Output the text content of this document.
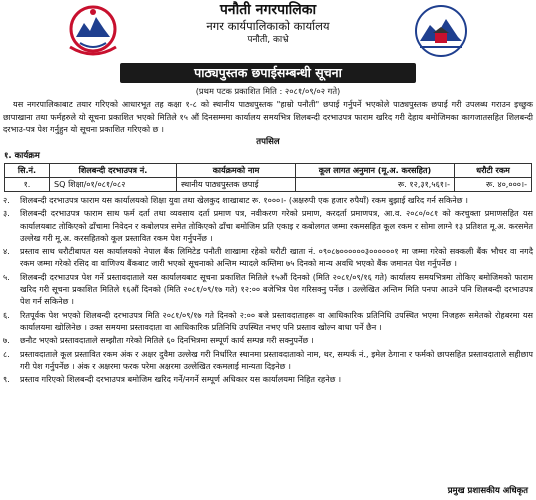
पनौती नगरपालिका
नगर कार्यपालिकाको कार्यालय
पनौती, काभ्रे
पाठ्यपुस्तक छपाईसम्बन्धी सूचना
(प्रथम पटक प्रकाशित मिति : २०८१/०९/०२ गते)
यस नगरपालिकाबाट तयार गरिएको आधारभूत तह कक्षा १-८ को स्थानीय पाठ्यपुस्तक "हाम्रो पनौती" छपाई गर्नुपर्ने भएकोले पाठ्यपुस्तक छपाई गरी उपलब्ध गराउन इच्छुक छापाखाना तथा फर्महरुले यो सूचना प्रकाशित भएको मितिले १५ औं दिनसम्ममा कार्यालय समयभित्र शिलबन्दी दरभाउपत्र फाराम खरिद गरी देहाय बमोजिमका कागजातसहित शिलबन्दी दरभाउ-पत्र पेश गर्नुहुन यो सूचना प्रकाशित गरिएको छ ।
तपसिल
१. कार्यक्रम
सि.नं.	शिलबन्दी दरभाउपत्र नं.	कार्यक्रमको नाम	कूल लागत अनुमान (मू.अ. करसहित)	धरौटी रकम
१.	SQ शिक्षा/०१/०८१/०८२	स्थानीय पाठ्यपुस्तक छपाई	रू. १२,३१,५६१।-	रू. ४०,०००।-
२.	शिलबन्दी दरभाउपत्र फाराम यस कार्यालयको शिक्षा युवा तथा खेलकुद शाखाबाट रू. १०००।- (अक्षरुपी एक हजार रुपैयाँ) रकम बुझाई खरिद गर्न सकिनेछ ।
३.	शिलबन्दी दरभाउपत्र फाराम साथ फर्म दर्ता तथा व्यवसाय दर्ता प्रमाण पत्र, नवीकरण गरेको प्रमाण, करदर्ता प्रमाणपत्र, आ.व. २०८०/०८१ को करचुक्ता प्रमाणसहित यस कार्यालयबाट तोकिएको ढाँचामा निवेदन र कबोलपत्र समेत तोकिएको ढाँचा बमोजिम प्रति एकाइ र कबोलगत जम्मा रकमसहित कूल रकम र सोमा लाग्ने १३ प्रतिशत मू.अ. करसमेत उल्लेख गरी मू.अ. करसहितको कूल प्रस्तावित रकम पेश गर्नुपर्नेछ ।
४.	प्रस्ताव साथ धरौटीबापत यस कार्यालयको नेपाल बैंक लिमिटेड पनौती शाखामा रहेको धरौटी खाता नं. ०९०८७००००००३००००००१ मा जम्मा गरेको सक्कली बैंक भौचर वा नगदै रकम जम्मा गरेको रसिद वा वाणिज्य बैंकबाट जारी भएको सूचनाको अन्तिम म्यादले कम्तिमा ७५ दिनको मान्य अवधि भएको बैंक जमानत पेश गर्नुपर्नेछ ।
५.	शिलबन्दी दरभाउपत्र पेश गर्ने प्रस्तावदाताले यस कार्यालयबाट सूचना प्रकाशित मितिले १५औं दिनको (मिति २०८१/०९/१६ गते) कार्यालय समयभित्रमा तोकिए बमोजिमको फाराम खरिद गरी सूचना प्रकाशित मितिले १६औं दिनको (मिति २०८१/०९/१७ गते) १२:०० बजेभित्र पेश गरिसक्नु पर्नेछ । उल्लेखित अन्तिम मिति पनपा आउने पनि शिलबन्दी दरभाउपत्र पेश गर्न सकिनेछ ।
६.	रितपूर्वक पेश भएको शिलबन्दी दरभाउपत्र मिति २०८१/०९/१७ गते दिनको २:०० बजे प्रस्तावदाताहरू वा आधिकारिक प्रतिनिधि उपस्थित भएमा निजहरू समेतको रोहबरमा यस कार्यालयमा खोलिनेछ । उक्त समयमा प्रस्तावदाता वा आधिकारिक प्रतिनिधि उपस्थित नभए पनि प्रस्ताव खोल्न बाधा पर्ने छैन ।
७.	छनौट भएको प्रस्तावदाताले सम्झौता गरेको मितिले ६० दिनभित्रमा सम्पूर्ण कार्य सम्पन्न गरी सक्नुपर्नेछ ।
८.	प्रस्तावदाताले कूल प्रस्तावित रकम अंक र अक्षर दुवैमा उल्लेख गरी निर्धारित स्थानमा प्रस्तावदाताको नाम, थर, सम्पर्क नं., इमेल ठेगाना र फर्मको छापसहित प्रस्तावदाताले सहीछाप गरी पेश गर्नुपर्नेछ । अंक र अक्षरमा फरक परेमा अक्षरमा उल्लेखित रकमलाई मान्यता दिइनेछ ।
९.	प्रस्ताव गरिएको शिलबन्दी दरभाउपत्र बमोजिम खरिद गर्ने/नगर्ने सम्पूर्ण अधिकार यस कार्यालयमा निहित रहनेछ ।
प्रमुख प्रशासकीय अधिकृत
